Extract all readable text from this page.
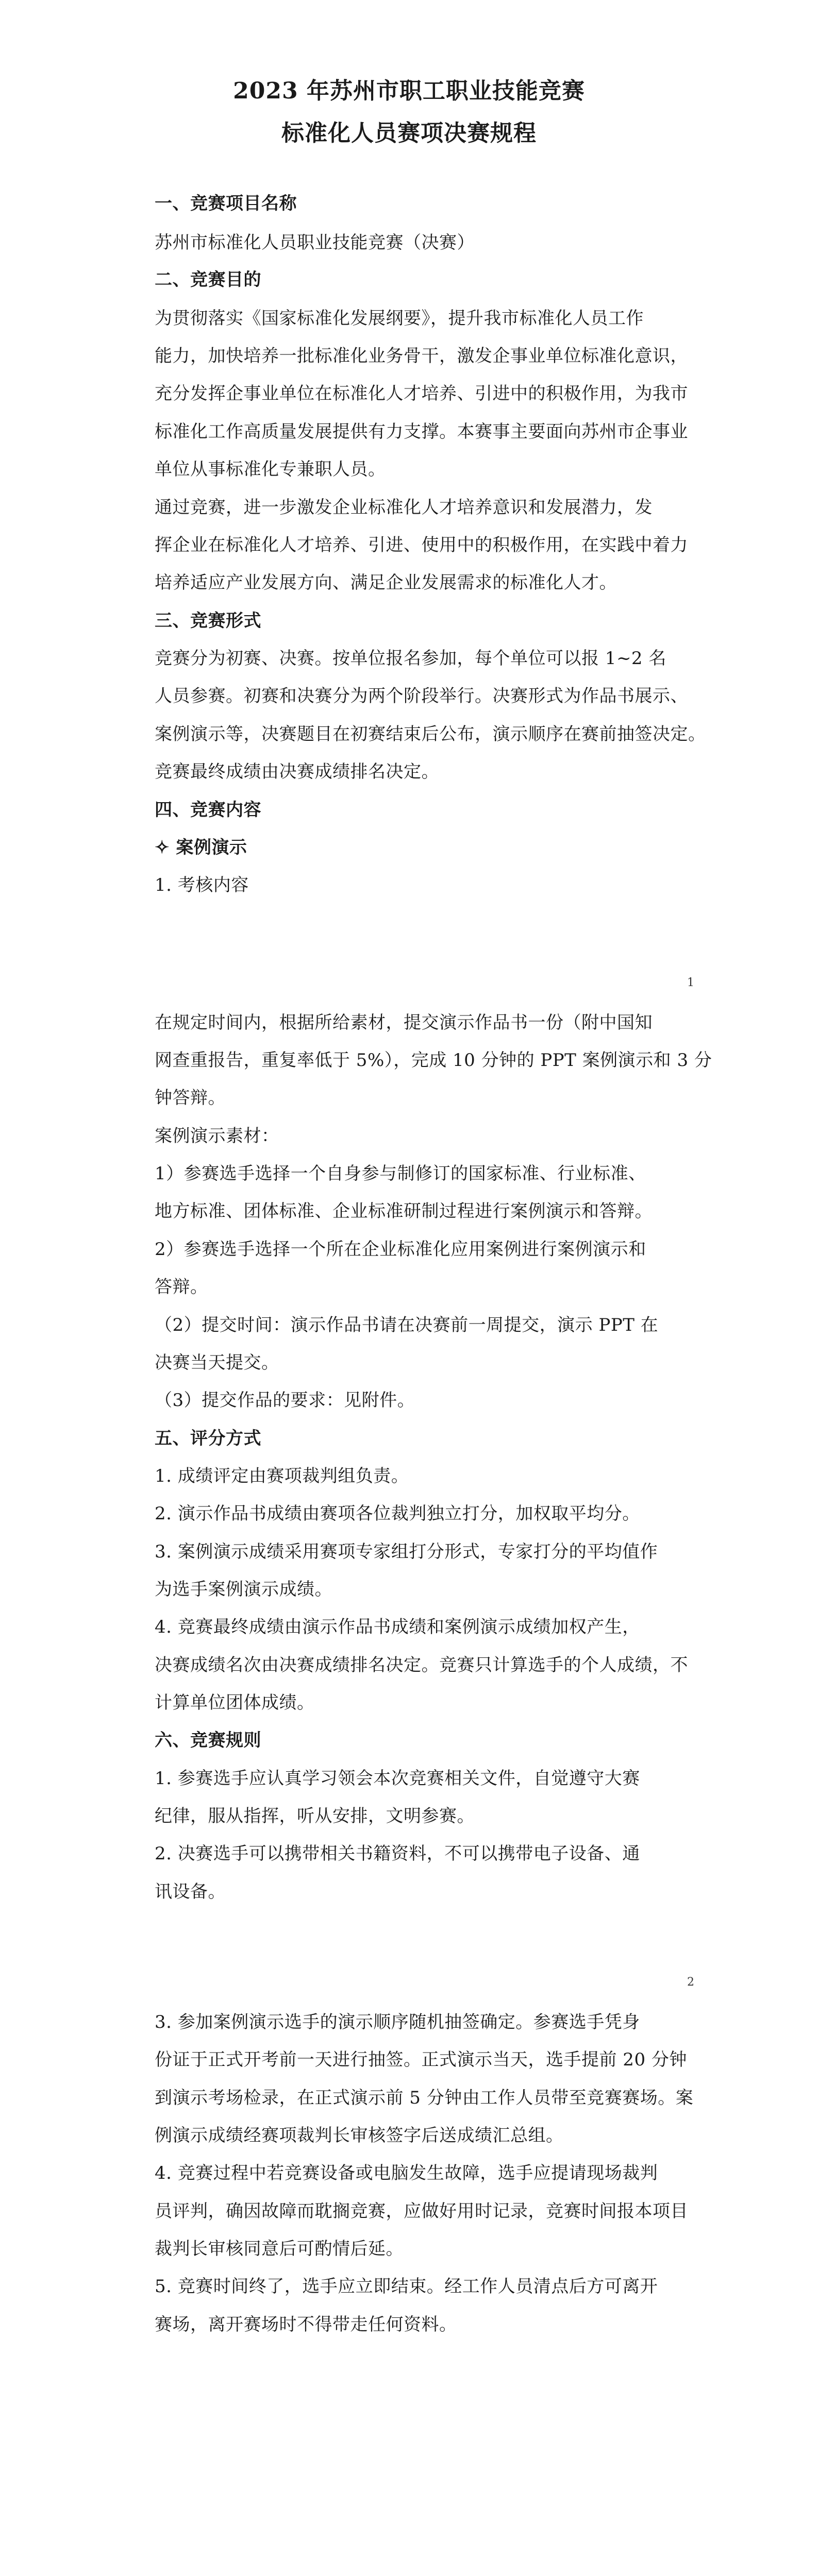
2023 年苏州市职工职业技能竞赛
标准化人员赛项决赛规程
一、竞赛项目名称
苏州市标准化人员职业技能竞赛（决赛）
二、竞赛目的
为贯彻落实《国家标准化发展纲要》，提升我市标准化人员工作
能力，加快培养一批标准化业务骨干，激发企事业单位标准化意识，
充分发挥企事业单位在标准化人才培养、引进中的积极作用，为我市
标准化工作高质量发展提供有力支撑。本赛事主要面向苏州市企事业
单位从事标准化专兼职人员。
通过竞赛，进一步激发企业标准化人才培养意识和发展潜力，发
挥企业在标准化人才培养、引进、使用中的积极作用，在实践中着力
培养适应产业发展方向、满足企业发展需求的标准化人才。
三、竞赛形式
竞赛分为初赛、决赛。按单位报名参加，每个单位可以报 1~2 名
人员参赛。初赛和决赛分为两个阶段举行。决赛形式为作品书展示、
案例演示等，决赛题目在初赛结束后公布，演示顺序在赛前抽签决定。
竞赛最终成绩由决赛成绩排名决定。
四、竞赛内容
✧ 案例演示
1. 考核内容
1
在规定时间内，根据所给素材，提交演示作品书一份（附中国知
网查重报告，重复率低于 5%），完成 10 分钟的 PPT 案例演示和 3 分
钟答辩。
案例演示素材：
1）参赛选手选择一个自身参与制修订的国家标准、行业标准、
地方标准、团体标准、企业标准研制过程进行案例演示和答辩。
2）参赛选手选择一个所在企业标准化应用案例进行案例演示和
答辩。
（2）提交时间：演示作品书请在决赛前一周提交，演示 PPT 在
决赛当天提交。
（3）提交作品的要求：见附件。
五、评分方式
1. 成绩评定由赛项裁判组负责。
2. 演示作品书成绩由赛项各位裁判独立打分，加权取平均分。
3. 案例演示成绩采用赛项专家组打分形式，专家打分的平均值作
为选手案例演示成绩。
4. 竞赛最终成绩由演示作品书成绩和案例演示成绩加权产生，
决赛成绩名次由决赛成绩排名决定。竞赛只计算选手的个人成绩，不
计算单位团体成绩。
六、竞赛规则
1. 参赛选手应认真学习领会本次竞赛相关文件，自觉遵守大赛
纪律，服从指挥，听从安排，文明参赛。
2. 决赛选手可以携带相关书籍资料，不可以携带电子设备、通
讯设备。
2
3. 参加案例演示选手的演示顺序随机抽签确定。参赛选手凭身
份证于正式开考前一天进行抽签。正式演示当天，选手提前 20 分钟
到演示考场检录，在正式演示前 5 分钟由工作人员带至竞赛赛场。案
例演示成绩经赛项裁判长审核签字后送成绩汇总组。
4. 竞赛过程中若竞赛设备或电脑发生故障，选手应提请现场裁判
员评判，确因故障而耽搁竞赛，应做好用时记录，竞赛时间报本项目
裁判长审核同意后可酌情后延。
5. 竞赛时间终了，选手应立即结束。经工作人员清点后方可离开
赛场，离开赛场时不得带走任何资料。
